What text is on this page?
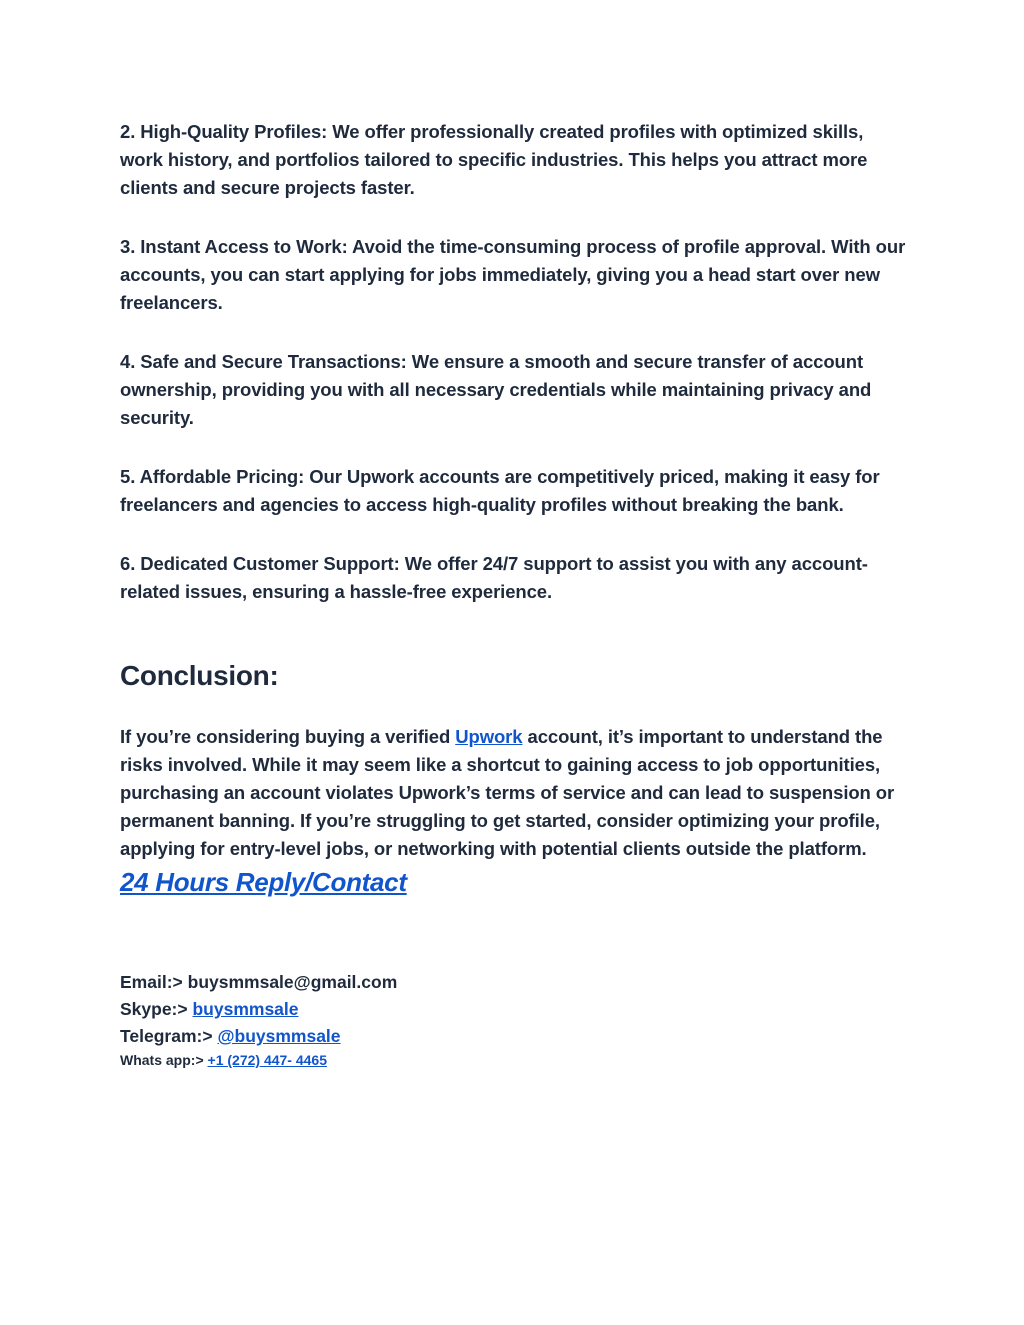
2. High-Quality Profiles: We offer professionally created profiles with optimized skills, work history, and portfolios tailored to specific industries. This helps you attract more clients and secure projects faster.

3. Instant Access to Work: Avoid the time-consuming process of profile approval. With our accounts, you can start applying for jobs immediately, giving you a head start over new freelancers.

4. Safe and Secure Transactions: We ensure a smooth and secure transfer of account ownership, providing you with all necessary credentials while maintaining privacy and security.

5. Affordable Pricing: Our Upwork accounts are competitively priced, making it easy for freelancers and agencies to access high-quality profiles without breaking the bank.

6. Dedicated Customer Support: We offer 24/7 support to assist you with any account-related issues, ensuring a hassle-free experience.

Conclusion:

If you’re considering buying a verified Upwork account, it’s important to understand the risks involved. While it may seem like a shortcut to gaining access to job opportunities, purchasing an account violates Upwork’s terms of service and can lead to suspension or permanent banning. If you’re struggling to get started, consider optimizing your profile, applying for entry-level jobs, or networking with potential clients outside the platform.

24 Hours Reply/Contact
Email:> buysmmsale@gmail.com
Skype:> buysmmsale
Telegram:> @buysmmsale
Whats app:> +1 (272) 447- 4465
